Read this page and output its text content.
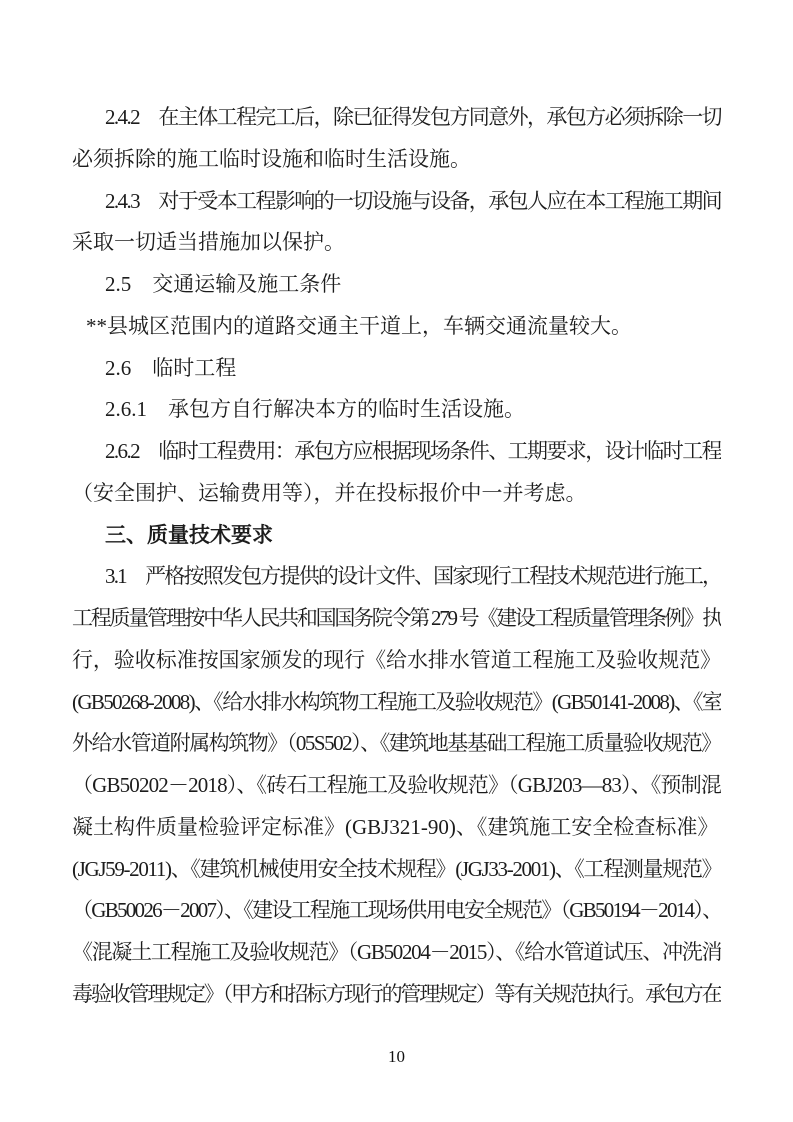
2.4.2　在主体工程完工后，除已征得发包方同意外，承包方必须拆除一切
必须拆除的施工临时设施和临时生活设施。
2.4.3　对于受本工程影响的一切设施与设备，承包人应在本工程施工期间
采取一切适当措施加以保护。
2.5　交通运输及施工条件
**县城区范围内的道路交通主干道上，车辆交通流量较大。
2.6　临时工程
2.6.1　承包方自行解决本方的临时生活设施。
2.6.2　临时工程费用：承包方应根据现场条件、工期要求，设计临时工程
（安全围护、运输费用等），并在投标报价中一并考虑。
三、质量技术要求
3.1　严格按照发包方提供的设计文件、国家现行工程技术规范进行施工，
工程质量管理按中华人民共和国国务院令第 279 号《建设工程质量管理条例》执
行，验收标准按国家颁发的现行《给水排水管道工程施工及验收规范》
(GB50268-2008)、《给水排水构筑物工程施工及验收规范》(GB50141-2008)、《室
外给水管道附属构筑物》（05S502）、《建筑地基基础工程施工质量验收规范》
（GB50202－2018）、《砖石工程施工及验收规范》（GBJ203—83）、《预制混
凝土构件质量检验评定标准》(GBJ321-90)、《建筑施工安全检查标准》
(JGJ59-2011)、《建筑机械使用安全技术规程》(JGJ33-2001)、《工程测量规范》
（GB50026－2007）、《建设工程施工现场供用电安全规范》（GB50194－2014）、
《混凝土工程施工及验收规范》（GB50204－2015）、《给水管道试压、冲洗消
毒验收管理规定》（甲方和招标方现行的管理规定）等有关规范执行。承包方在
10
